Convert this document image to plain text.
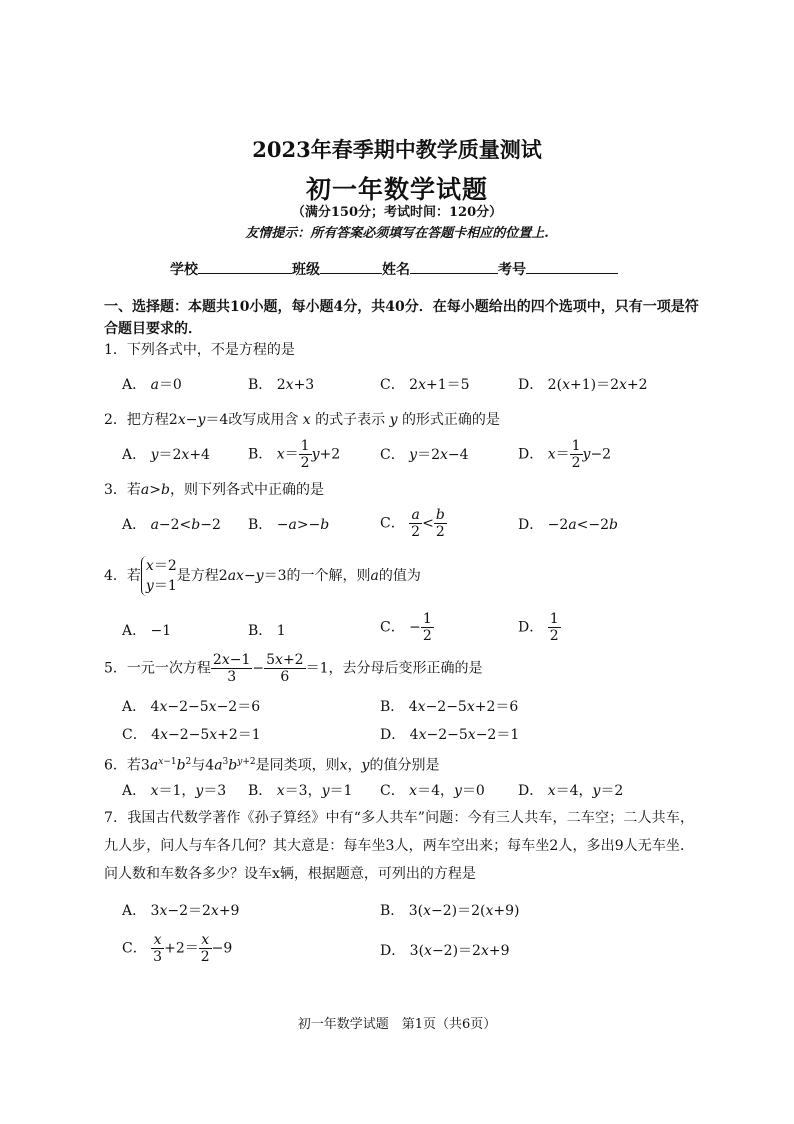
2023年春季期中教学质量测试
初一年数学试题
（满分150分；考试时间：120分）
友情提示：所有答案必须填写在答题卡相应的位置上.
学校	班级	姓名	考号
一、选择题：本题共10小题，每小题4分，共40分．在每小题给出的四个选项中，只有一项是符合题目要求的．
1．下列各式中，不是方程的是
A． a＝0	B． 2x+3	C． 2x+1＝5	D． 2(x+1)＝2x+2
2．把方程2x−y＝4改写成用含 x 的式子表示 y 的形式正确的是
A． y＝2x+4	B． $x= \frac{1}{2} y+2$	C． y＝2x−4	D． $x= \frac{1}{2} y-2$
3．若a>b，则下列各式中正确的是
A． a−2<b−2 B． −a>−b	C． $\frac{a}{2} < \frac{b}{2}$	D． −2a<−2b
4．若x＝2
y＝1是方程2ax−y＝3的一个解，则a的值为
A． −1	B． 1	C． − $\frac{1}{2}$	D． $\frac{1}{2}$
5．一元一次方程 $\frac{2x-1}{3} - \frac{5x+2}{6} =1$，去分母后变形正确的是
A． 4x−2−5x−2＝6	B． 4x−2−5x+2＝6
C． 4x−2−5x+2＝1	D． 4x−2−5x−2＝1
6．若$3a^{x-1}b^2$与$4a^3b^{y+2}$是同类项，则x，y的值分别是
A． x＝1，y＝3 B． x＝3，y＝1 C． x＝4，y＝0 D． x＝4，y＝2
7．我国古代数学著作《孙子算经》中有“多人共车”问题：今有三人共车，二车空；二人共车，九人步，问人与车各几何？其大意是：每车坐3人，两车空出来；每车坐2人，多出9人无车坐．问人数和车数各多少？设车x辆，根据题意，可列出的方程是
A． 3x−2＝2x+9	B． 3(x−2)＝2(x+9)
C． $\frac{x}{3} +2= \frac{x}{2} -9$	D． 3(x−2)＝2x+9
初一年数学试题　第1页（共6页）
